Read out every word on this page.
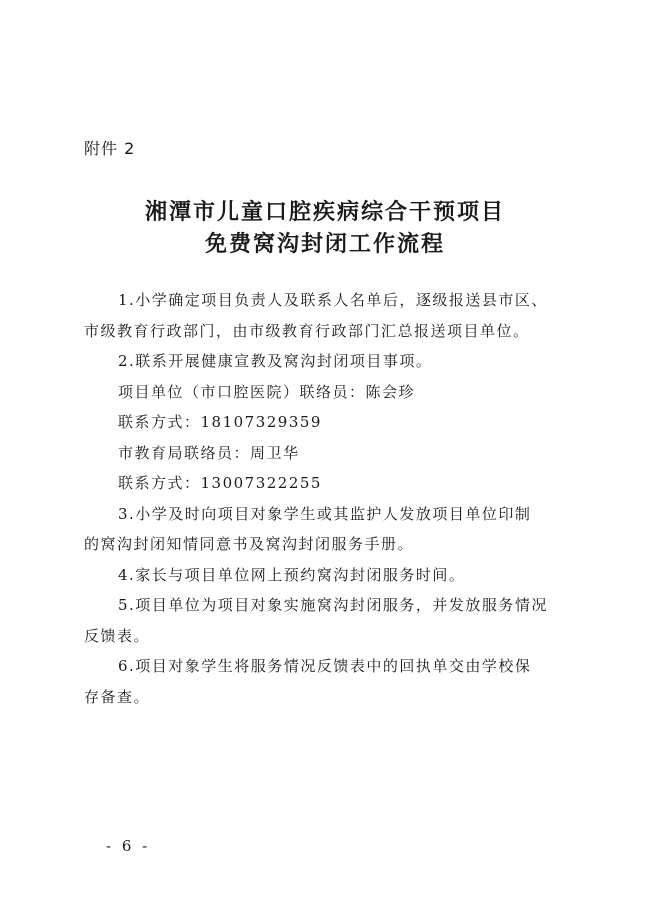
附件 2
湘潭市儿童口腔疾病综合干预项目
免费窝沟封闭工作流程
1.小学确定项目负责人及联系人名单后，逐级报送县市区、
市级教育行政部门，由市级教育行政部门汇总报送项目单位。
2.联系开展健康宣教及窝沟封闭项目事项。
项目单位（市口腔医院）联络员：陈会珍
联系方式：18107329359
市教育局联络员：周卫华
联系方式：13007322255
3.小学及时向项目对象学生或其监护人发放项目单位印制
的窝沟封闭知情同意书及窝沟封闭服务手册。
4.家长与项目单位网上预约窝沟封闭服务时间。
5.项目单位为项目对象实施窝沟封闭服务，并发放服务情况
反馈表。
6.项目对象学生将服务情况反馈表中的回执单交由学校保
存备查。
- 6 -
